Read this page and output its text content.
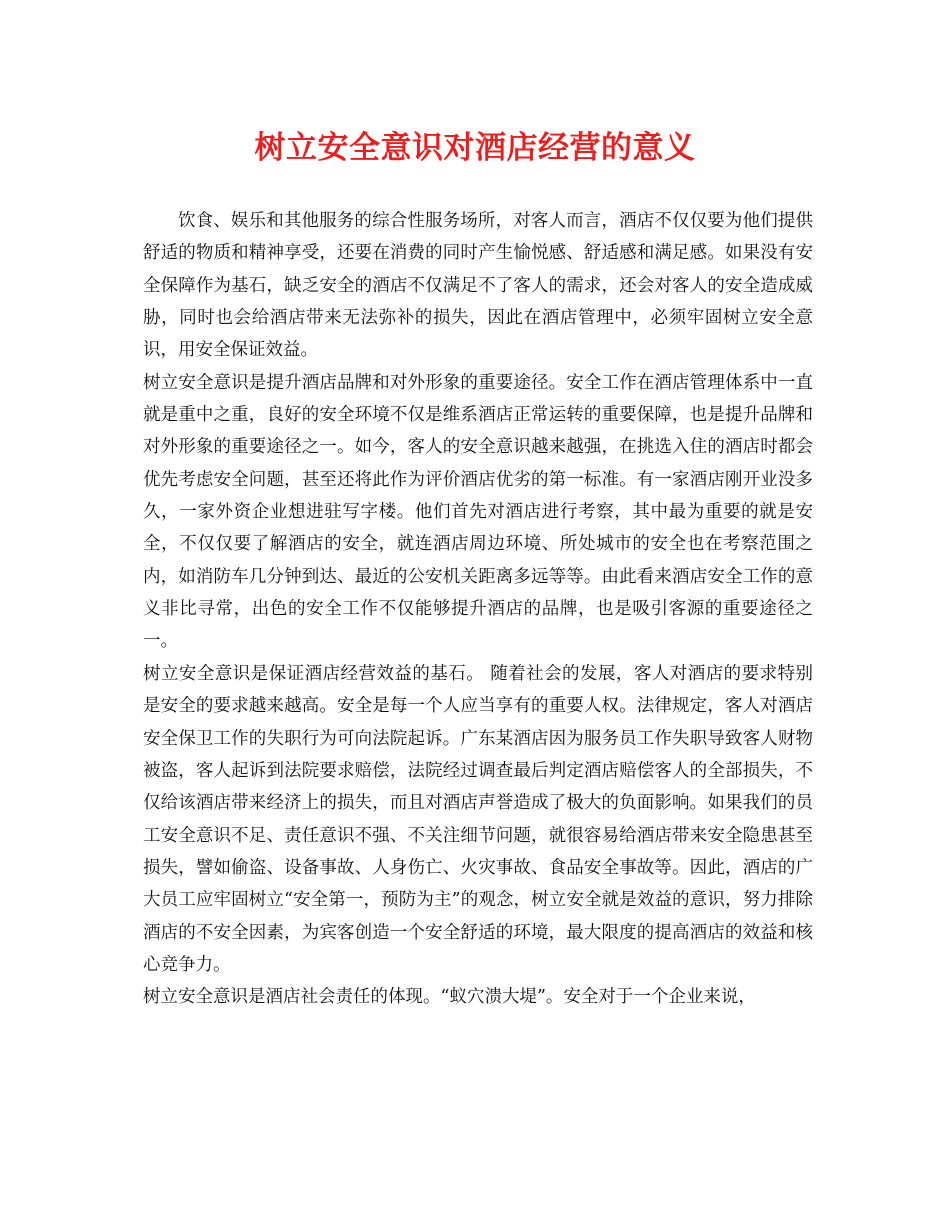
树立安全意识对酒店经营的意义

饮食、娱乐和其他服务的综合性服务场所，对客人而言，酒店不仅仅要为他们提供舒适的物质和精神享受，还要在消费的同时产生愉悦感、舒适感和满足感。如果没有安全保障作为基石，缺乏安全的酒店不仅满足不了客人的需求，还会对客人的安全造成威胁，同时也会给酒店带来无法弥补的损失，因此在酒店管理中，必须牢固树立安全意识，用安全保证效益。

树立安全意识是提升酒店品牌和对外形象的重要途径。安全工作在酒店管理体系中一直就是重中之重，良好的安全环境不仅是维系酒店正常运转的重要保障，也是提升品牌和对外形象的重要途径之一。如今，客人的安全意识越来越强，在挑选入住的酒店时都会优先考虑安全问题，甚至还将此作为评价酒店优劣的第一标准。有一家酒店刚开业没多久，一家外资企业想进驻写字楼。他们首先对酒店进行考察，其中最为重要的就是安全，不仅仅要了解酒店的安全，就连酒店周边环境、所处城市的安全也在考察范围之内，如消防车几分钟到达、最近的公安机关距离多远等等。由此看来酒店安全工作的意义非比寻常，出色的安全工作不仅能够提升酒店的品牌，也是吸引客源的重要途径之一。

树立安全意识是保证酒店经营效益的基石。 随着社会的发展，客人对酒店的要求特别是安全的要求越来越高。安全是每一个人应当享有的重要人权。法律规定，客人对酒店安全保卫工作的失职行为可向法院起诉。广东某酒店因为服务员工作失职导致客人财物被盗，客人起诉到法院要求赔偿，法院经过调查最后判定酒店赔偿客人的全部损失，不仅给该酒店带来经济上的损失，而且对酒店声誉造成了极大的负面影响。如果我们的员工安全意识不足、责任意识不强、不关注细节问题，就很容易给酒店带来安全隐患甚至损失，譬如偷盗、设备事故、人身伤亡、火灾事故、食品安全事故等。因此，酒店的广大员工应牢固树立“安全第一，预防为主”的观念，树立安全就是效益的意识，努力排除酒店的不安全因素，为宾客创造一个安全舒适的环境，最大限度的提高酒店的效益和核心竞争力。

树立安全意识是酒店社会责任的体现。“蚁穴溃大堤”。安全对于一个企业来说，
